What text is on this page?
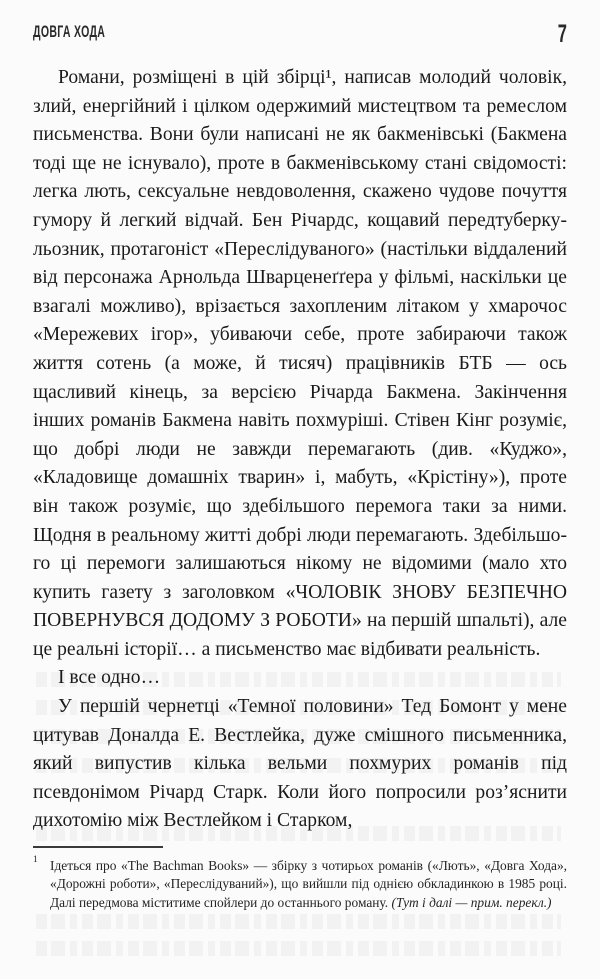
ДОВГА ХОДА	7

Романи, розміщені в цій збірці¹, написав молодий чоловік, злий, енергійний і цілком одержимий мистецтвом та ремеслом письменства. Вони були написані не як бакменівські (Бакмена тоді ще не існувало), проте в бакменівському стані свідомості: легка лють, сексуальне невдоволення, скажено чудове почуття гумору й легкий відчай. Бен Річардс, кощавий передтуберкульозник, протагоніст «Переслідуваного» (настільки віддалений від персонажа Арнольда Шварценеґґера у фільмі, наскільки це взагалі можливо), врізається захопленим літаком у хмарочос «Мережевих ігор», убиваючи себе, проте забираючи також життя сотень (а може, й тисяч) працівників БТБ — ось щасливий кінець, за версією Річарда Бакмена. Закінчення інших романів Бакмена навіть похмуріші. Стівен Кінг розуміє, що добрі люди не завжди перемагають (див. «Куджо», «Кладовище домашніх тварин» і, мабуть, «Крістіну»), проте він також розуміє, що здебільшого перемога таки за ними. Щодня в реальному житті добрі люди перемагають. Здебільшого ці перемоги залишаються нікому не відомими (мало хто купить газету з заголовком «ЧОЛОВІК ЗНОВУ БЕЗПЕЧНО ПОВЕРНУВСЯ ДОДОМУ З РОБОТИ» на першій шпальті), але це реальні історії… а письменство має відбивати реальність.

І все одно…

У першій чернетці «Темної половини» Тед Бомонт у мене цитував Доналда Е. Вестлейка, дуже смішного письменника, який випустив кілька вельми похмурих романів під псевдонімом Річард Старк. Коли його попросили роз’яснити дихотомію між Вестлейком і Старком,

1 Ідеться про «The Bachman Books» — збірку з чотирьох романів («Лють», «Довга Хода», «Дорожні роботи», «Переслідуваний»), що вийшли під однією обкладинкою в 1985 році. Далі передмова міститиме спойлери до останнього роману. (Тут і далі — прим. перекл.)
